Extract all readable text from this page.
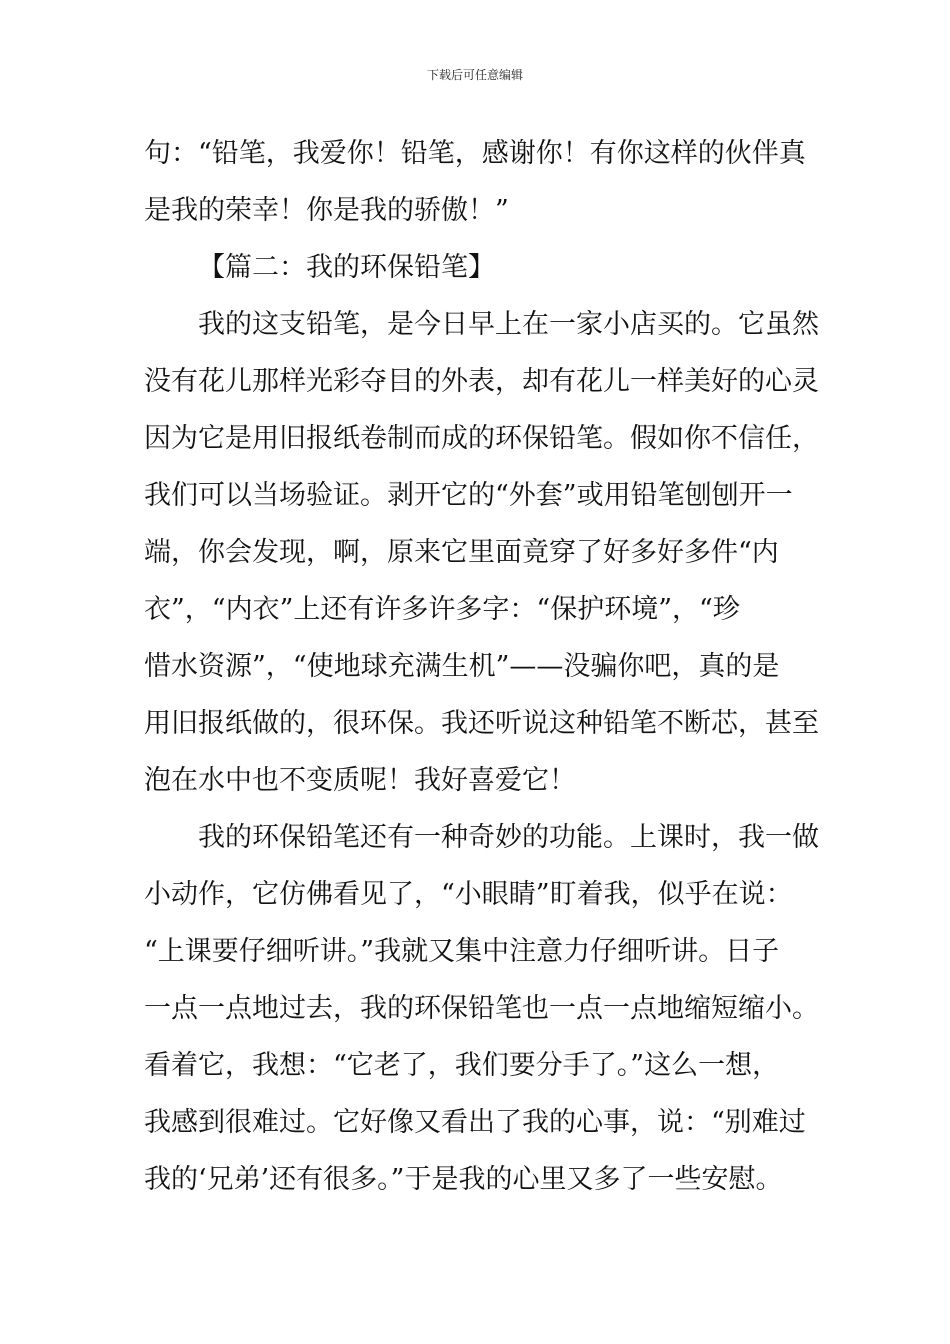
下载后可任意编辑
句：“铅笔，我爱你！铅笔，感谢你！有你这样的伙伴真
是我的荣幸！你是我的骄傲！”
【篇二：我的环保铅笔】
我的这支铅笔，是今日早上在一家小店买的。它虽然
没有花儿那样光彩夺目的外表，却有花儿一样美好的心灵
因为它是用旧报纸卷制而成的环保铅笔。假如你不信任，
我们可以当场验证。剥开它的“外套”或用铅笔刨刨开一
端，你会发现，啊，原来它里面竟穿了好多好多件“内
衣”，“内衣”上还有许多许多字：“保护环境”，“珍
惜水资源”，“使地球充满生机”——没骗你吧，真的是
用旧报纸做的，很环保。我还听说这种铅笔不断芯，甚至
泡在水中也不变质呢！我好喜爱它！
我的环保铅笔还有一种奇妙的功能。上课时，我一做
小动作，它仿佛看见了，“小眼睛”盯着我，似乎在说：
“上课要仔细听讲。”我就又集中注意力仔细听讲。日子
一点一点地过去，我的环保铅笔也一点一点地缩短缩小。
看着它，我想：“它老了，我们要分手了。”这么一想，
我感到很难过。它好像又看出了我的心事，说：“别难过
我的‘兄弟’还有很多。”于是我的心里又多了一些安慰。
